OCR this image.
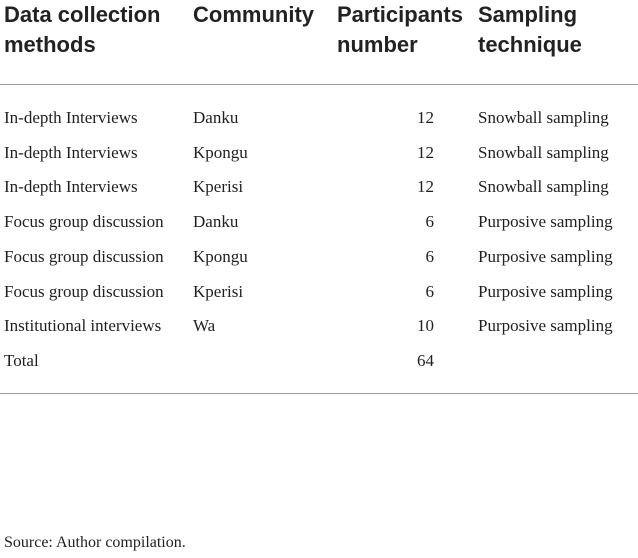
Data collection methods	Community	Participants number	Sampling technique
In-depth Interviews	Danku	12	Snowball sampling
In-depth Interviews	Kpongu	12	Snowball sampling
In-depth Interviews	Kperisi	12	Snowball sampling
Focus group discussion	Danku	6	Purposive sampling
Focus group discussion	Kpongu	6	Purposive sampling
Focus group discussion	Kperisi	6	Purposive sampling
Institutional interviews	Wa	10	Purposive sampling
Total		64	
Source: Author compilation.
